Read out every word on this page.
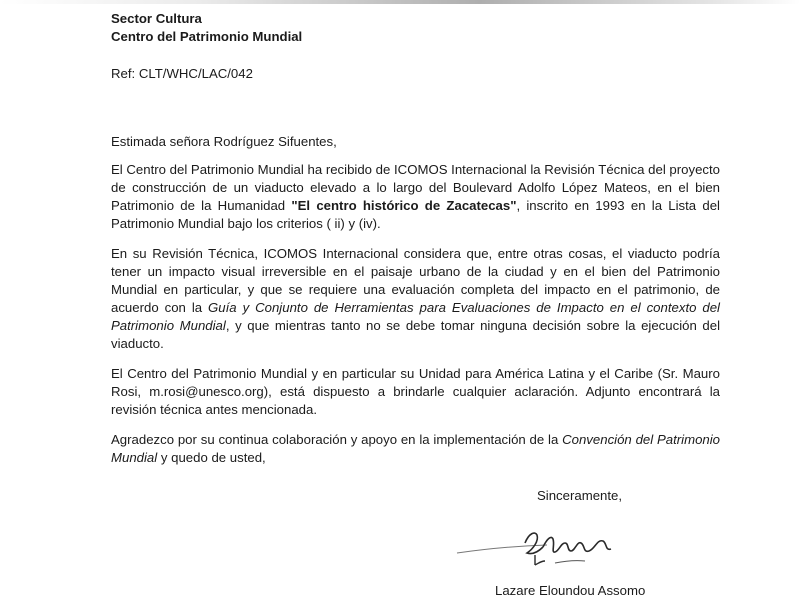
Sector Cultura
Centro del Patrimonio Mundial
Ref: CLT/WHC/LAC/042
Estimada señora Rodríguez Sifuentes,

El Centro del Patrimonio Mundial ha recibido de ICOMOS Internacional la Revisión Técnica del proyecto de construcción de un viaducto elevado a lo largo del Boulevard Adolfo López Mateos, en el bien Patrimonio de la Humanidad "El centro histórico de Zacatecas", inscrito en 1993 en la Lista del Patrimonio Mundial bajo los criterios ( ii) y (iv).

En su Revisión Técnica, ICOMOS Internacional considera que, entre otras cosas, el viaducto podría tener un impacto visual irreversible en el paisaje urbano de la ciudad y en el bien del Patrimonio Mundial en particular, y que se requiere una evaluación completa del impacto en el patrimonio, de acuerdo con la Guía y Conjunto de Herramientas para Evaluaciones de Impacto en el contexto del Patrimonio Mundial, y que mientras tanto no se debe tomar ninguna decisión sobre la ejecución del viaducto.

El Centro del Patrimonio Mundial y en particular su Unidad para América Latina y el Caribe (Sr. Mauro Rosi, m.rosi@unesco.org), está dispuesto a brindarle cualquier aclaración. Adjunto encontrará la revisión técnica antes mencionada.

Agradezco por su continua colaboración y apoyo en la implementación de la Convención del Patrimonio Mundial y quedo de usted,

Sinceramente,
Lazare Eloundou Assomo
